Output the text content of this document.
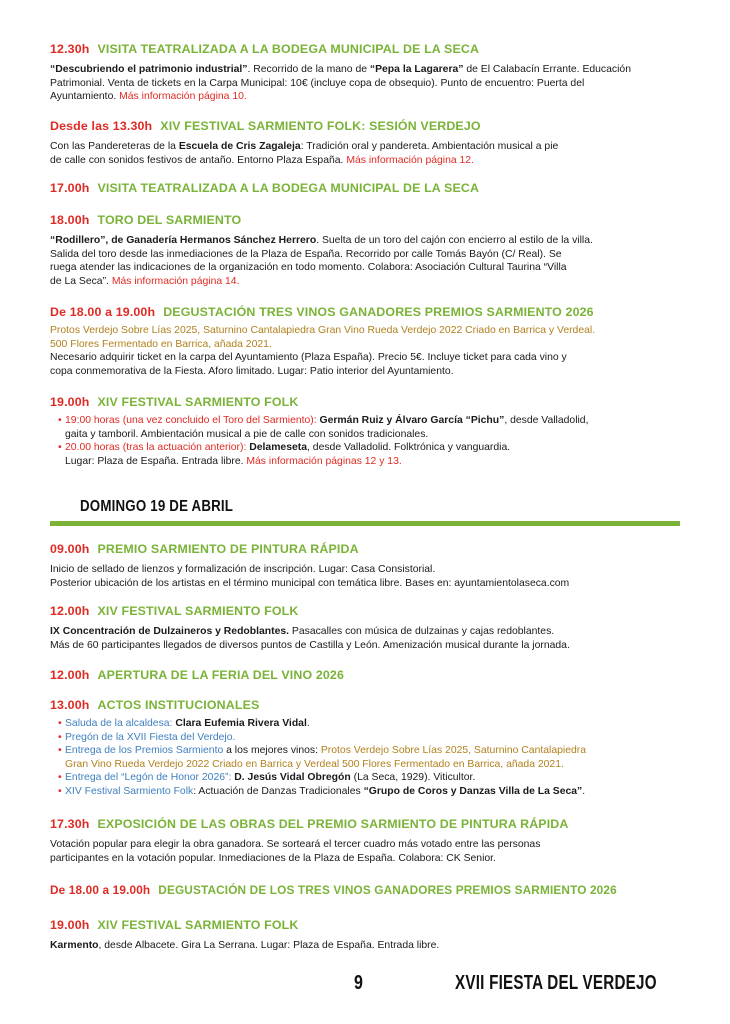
12.30h VISITA TEATRALIZADA A LA BODEGA MUNICIPAL DE LA SECA
“Descubriendo el patrimonio industrial”. Recorrido de la mano de “Pepa la Lagarera” de El Calabacín Errante. Educación
Patrimonial. Venta de tickets en la Carpa Municipal: 10€ (incluye copa de obsequio). Punto de encuentro: Puerta del
Ayuntamiento. Más información página 10.
Desde las 13.30h XIV FESTIVAL SARMIENTO FOLK: SESIÓN VERDEJO
Con las Pandereteras de la Escuela de Cris Zagaleja: Tradición oral y pandereta. Ambientación musical a pie
de calle con sonidos festivos de antaño. Entorno Plaza España. Más información página 12.
17.00h VISITA TEATRALIZADA A LA BODEGA MUNICIPAL DE LA SECA
18.00h TORO DEL SARMIENTO
“Rodillero”, de Ganadería Hermanos Sánchez Herrero. Suelta de un toro del cajón con encierro al estilo de la villa.
Salida del toro desde las inmediaciones de la Plaza de España. Recorrido por calle Tomás Bayón (C/ Real). Se
ruega atender las indicaciones de la organización en todo momento. Colabora: Asociación Cultural Taurina “Villa
de La Seca”. Más información página 14.
De 18.00 a 19.00h DEGUSTACIÓN TRES VINOS GANADORES PREMIOS SARMIENTO 2026
Protos Verdejo Sobre Lías 2025, Saturnino Cantalapiedra Gran Vino Rueda Verdejo 2022 Criado en Barrica y Verdeal.
500 Flores Fermentado en Barrica, añada 2021.
Necesario adquirir ticket en la carpa del Ayuntamiento (Plaza España). Precio 5€. Incluye ticket para cada vino y
copa conmemorativa de la Fiesta. Aforo limitado. Lugar: Patio interior del Ayuntamiento.
19.00h XIV FESTIVAL SARMIENTO FOLK
• 19:00 horas (una vez concluido el Toro del Sarmiento): Germán Ruiz y Álvaro García “Pichu”, desde Valladolid,
gaita y tamboril. Ambientación musical a pie de calle con sonidos tradicionales.
• 20.00 horas (tras la actuación anterior): Delameseta, desde Valladolid. Folktrónica y vanguardia.
Lugar: Plaza de España. Entrada libre. Más información páginas 12 y 13.
DOMINGO 19 DE ABRIL
09.00h PREMIO SARMIENTO DE PINTURA RÁPIDA
Inicio de sellado de lienzos y formalización de inscripción. Lugar: Casa Consistorial.
Posterior ubicación de los artistas en el término municipal con temática libre. Bases en: ayuntamientolaseca.com
12.00h XIV FESTIVAL SARMIENTO FOLK
IX Concentración de Dulzaineros y Redoblantes. Pasacalles con música de dulzainas y cajas redoblantes.
Más de 60 participantes llegados de diversos puntos de Castilla y León. Amenización musical durante la jornada.
12.00h APERTURA DE LA FERIA DEL VINO 2026
13.00h ACTOS INSTITUCIONALES
• Saluda de la alcaldesa: Clara Eufemia Rivera Vidal.
• Pregón de la XVII Fiesta del Verdejo.
• Entrega de los Premios Sarmiento a los mejores vinos: Protos Verdejo Sobre Lías 2025, Saturnino Cantalapiedra
Gran Vino Rueda Verdejo 2022 Criado en Barrica y Verdeal 500 Flores Fermentado en Barrica, añada 2021.
• Entrega del “Legón de Honor 2026”: D. Jesús Vidal Obregón (La Seca, 1929). Viticultor.
• XIV Festival Sarmiento Folk: Actuación de Danzas Tradicionales “Grupo de Coros y Danzas Villa de La Seca”.
17.30h EXPOSICIÓN DE LAS OBRAS DEL PREMIO SARMIENTO DE PINTURA RÁPIDA
Votación popular para elegir la obra ganadora. Se sorteará el tercer cuadro más votado entre las personas
participantes en la votación popular. Inmediaciones de la Plaza de España. Colabora: CK Senior.
De 18.00 a 19.00h DEGUSTACIÓN DE LOS TRES VINOS GANADORES PREMIOS SARMIENTO 2026
19.00h XIV FESTIVAL SARMIENTO FOLK
Karmento, desde Albacete. Gira La Serrana. Lugar: Plaza de España. Entrada libre.
9	XVII FIESTA DEL VERDEJO
